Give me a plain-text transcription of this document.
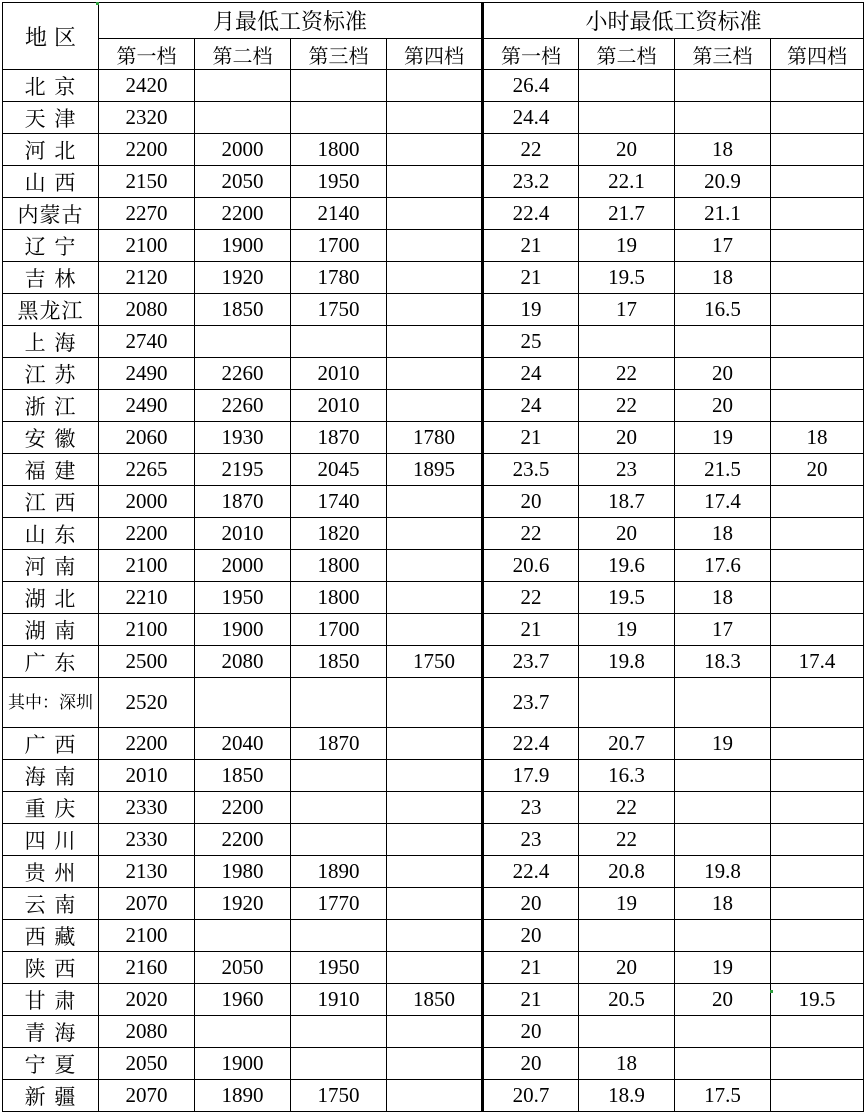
地 区	月最低工资标准				小时最低工资标准			
	第一档	第二档	第三档	第四档	第一档	第二档	第三档	第四档
北 京	2420				26.4			
天 津	2320				24.4			
河 北	2200	2000	1800		22	20	18	
山 西	2150	2050	1950		23.2	22.1	20.9	
内蒙古	2270	2200	2140		22.4	21.7	21.1	
辽 宁	2100	1900	1700		21	19	17	
吉 林	2120	1920	1780		21	19.5	18	
黑龙江	2080	1850	1750		19	17	16.5	
上 海	2740				25			
江 苏	2490	2260	2010		24	22	20	
浙 江	2490	2260	2010		24	22	20	
安 徽	2060	1930	1870	1780	21	20	19	18
福 建	2265	2195	2045	1895	23.5	23	21.5	20
江 西	2000	1870	1740		20	18.7	17.4	
山 东	2200	2010	1820		22	20	18	
河 南	2100	2000	1800		20.6	19.6	17.6	
湖 北	2210	1950	1800		22	19.5	18	
湖 南	2100	1900	1700		21	19	17	
广 东	2500	2080	1850	1750	23.7	19.8	18.3	17.4
其中：深圳	2520				23.7			
广 西	2200	2040	1870		22.4	20.7	19	
海 南	2010	1850			17.9	16.3		
重 庆	2330	2200			23	22		
四 川	2330	2200			23	22		
贵 州	2130	1980	1890		22.4	20.8	19.8	
云 南	2070	1920	1770		20	19	18	
西 藏	2100				20			
陕 西	2160	2050	1950		21	20	19	
甘 肃	2020	1960	1910	1850	21	20.5	20	19.5
青 海	2080				20			
宁 夏	2050	1900			20	18		
新 疆	2070	1890	1750		20.7	18.9	17.5	
